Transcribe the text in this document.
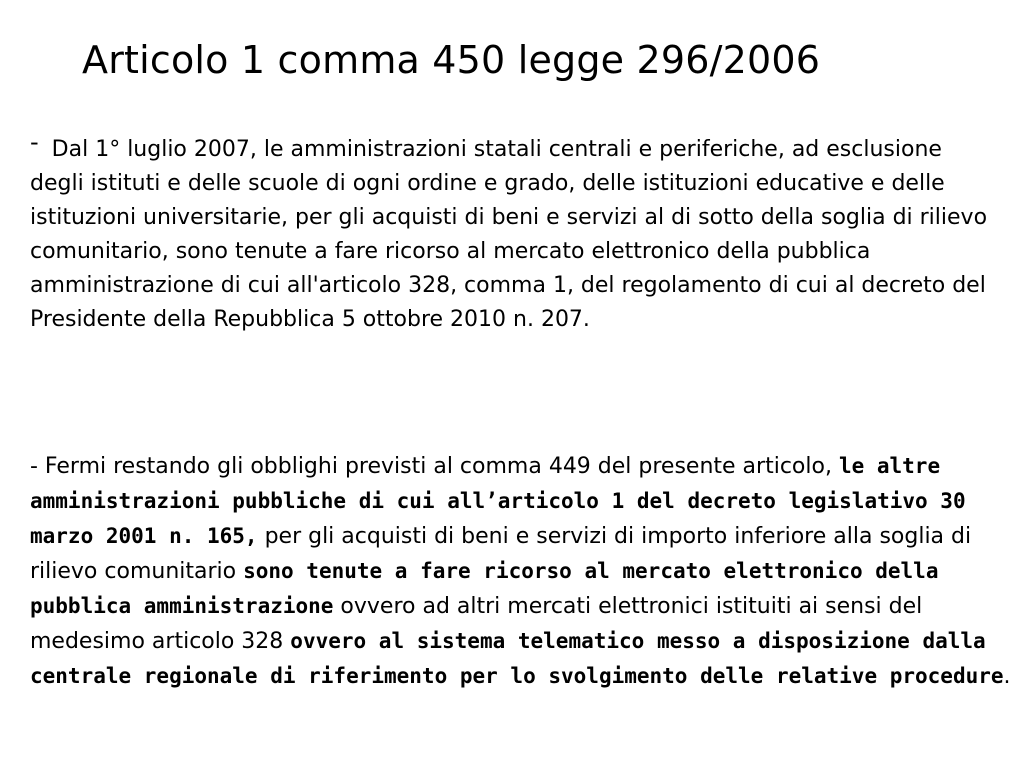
Articolo 1 comma 450 legge 296/2006
- Dal 1° luglio 2007, le amministrazioni statali centrali e periferiche, ad esclusione degli istituti e delle scuole di ogni ordine e grado, delle istituzioni educative e delle istituzioni universitarie, per gli acquisti di beni e servizi al di sotto della soglia di rilievo comunitario, sono tenute a fare ricorso al mercato elettronico della pubblica amministrazione di cui all'articolo 328, comma 1, del regolamento di cui al decreto del Presidente della Repubblica 5 ottobre 2010 n. 207.
- Fermi restando gli obblighi previsti al comma 449 del presente articolo, le altre amministrazioni pubbliche di cui all’articolo 1 del decreto legislativo 30 marzo 2001 n. 165, per gli acquisti di beni e servizi di importo inferiore alla soglia di rilievo comunitario sono tenute a fare ricorso al mercato elettronico della pubblica amministrazione ovvero ad altri mercati elettronici istituiti ai sensi del medesimo articolo 328 ovvero al sistema telematico messo a disposizione dalla centrale regionale di riferimento per lo svolgimento delle relative procedure.
